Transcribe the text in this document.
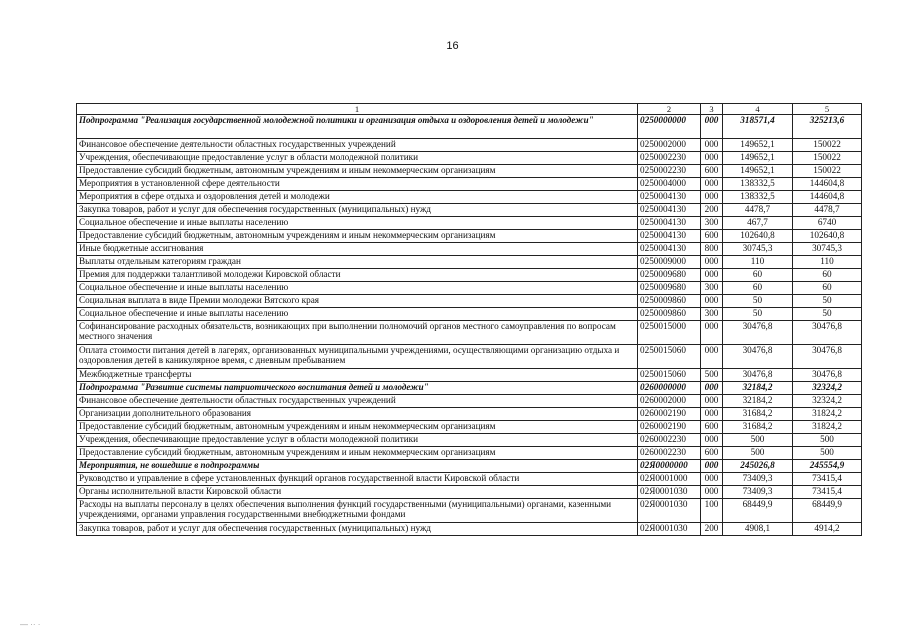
16
1	2	3	4	5
Подпрограмма "Реализация государственной молодежной политики и организация отдыха и оздоровления детей и молодежи"	0250000000	000	318571,4	325213,6
Финансовое обеспечение деятельности областных государственных учреждений	0250002000	000	149652,1	150022
Учреждения, обеспечивающие предоставление услуг в области молодежной политики	0250002230	000	149652,1	150022
Предоставление субсидий бюджетным, автономным учреждениям и иным некоммерческим организациям	0250002230	600	149652,1	150022
Мероприятия в установленной сфере деятельности	0250004000	000	138332,5	144604,8
Мероприятия в сфере отдыха и оздоровления детей и молодежи	0250004130	000	138332,5	144604,8
Закупка товаров, работ и услуг для обеспечения государственных (муниципальных) нужд	0250004130	200	4478,7	4478,7
Социальное обеспечение и иные выплаты населению	0250004130	300	467,7	6740
Предоставление субсидий бюджетным, автономным учреждениям и иным некоммерческим организациям	0250004130	600	102640,8	102640,8
Иные бюджетные ассигнования	0250004130	800	30745,3	30745,3
Выплаты отдельным категориям граждан	0250009000	000	110	110
Премия для поддержки талантливой молодежи Кировской области	0250009680	000	60	60
Социальное обеспечение и иные выплаты населению	0250009680	300	60	60
Социальная выплата в виде Премии молодежи Вятского края	0250009860	000	50	50
Социальное обеспечение и иные выплаты населению	0250009860	300	50	50
Софинансирование расходных обязательств, возникающих при выполнении полномочий органов местного самоуправления по вопросам местного значения	0250015000	000	30476,8	30476,8
Оплата стоимости питания детей в лагерях, организованных муниципальными учреждениями, осуществляющими организацию отдыха и оздоровления детей в каникулярное время, с дневным пребыванием	0250015060	000	30476,8	30476,8
Межбюджетные трансферты	0250015060	500	30476,8	30476,8
Подпрограмма "Развитие системы патриотического воспитания детей и молодежи"	0260000000	000	32184,2	32324,2
Финансовое обеспечение деятельности областных государственных учреждений	0260002000	000	32184,2	32324,2
Организации дополнительного образования	0260002190	000	31684,2	31824,2
Предоставление субсидий бюджетным, автономным учреждениям и иным некоммерческим организациям	0260002190	600	31684,2	31824,2
Учреждения, обеспечивающие предоставление услуг в области молодежной политики	0260002230	000	500	500
Предоставление субсидий бюджетным, автономным учреждениям и иным некоммерческим организациям	0260002230	600	500	500
Мероприятия, не вошедшие в подпрограммы	02Я0000000	000	245026,8	245554,9
Руководство и управление в сфере установленных функций органов государственной власти Кировской области	02Я0001000	000	73409,3	73415,4
Органы исполнительной власти Кировской области	02Я0001030	000	73409,3	73415,4
Расходы на выплаты персоналу в целях обеспечения выполнения функций государственными (муниципальными) органами, казенными учреждениями, органами управления государственными внебюджетными фондами	02Я0001030	100	68449,9	68449,9
Закупка товаров, работ и услуг для обеспечения государственных (муниципальных) нужд	02Я0001030	200	4908,1	4914,2
— ·· ·
